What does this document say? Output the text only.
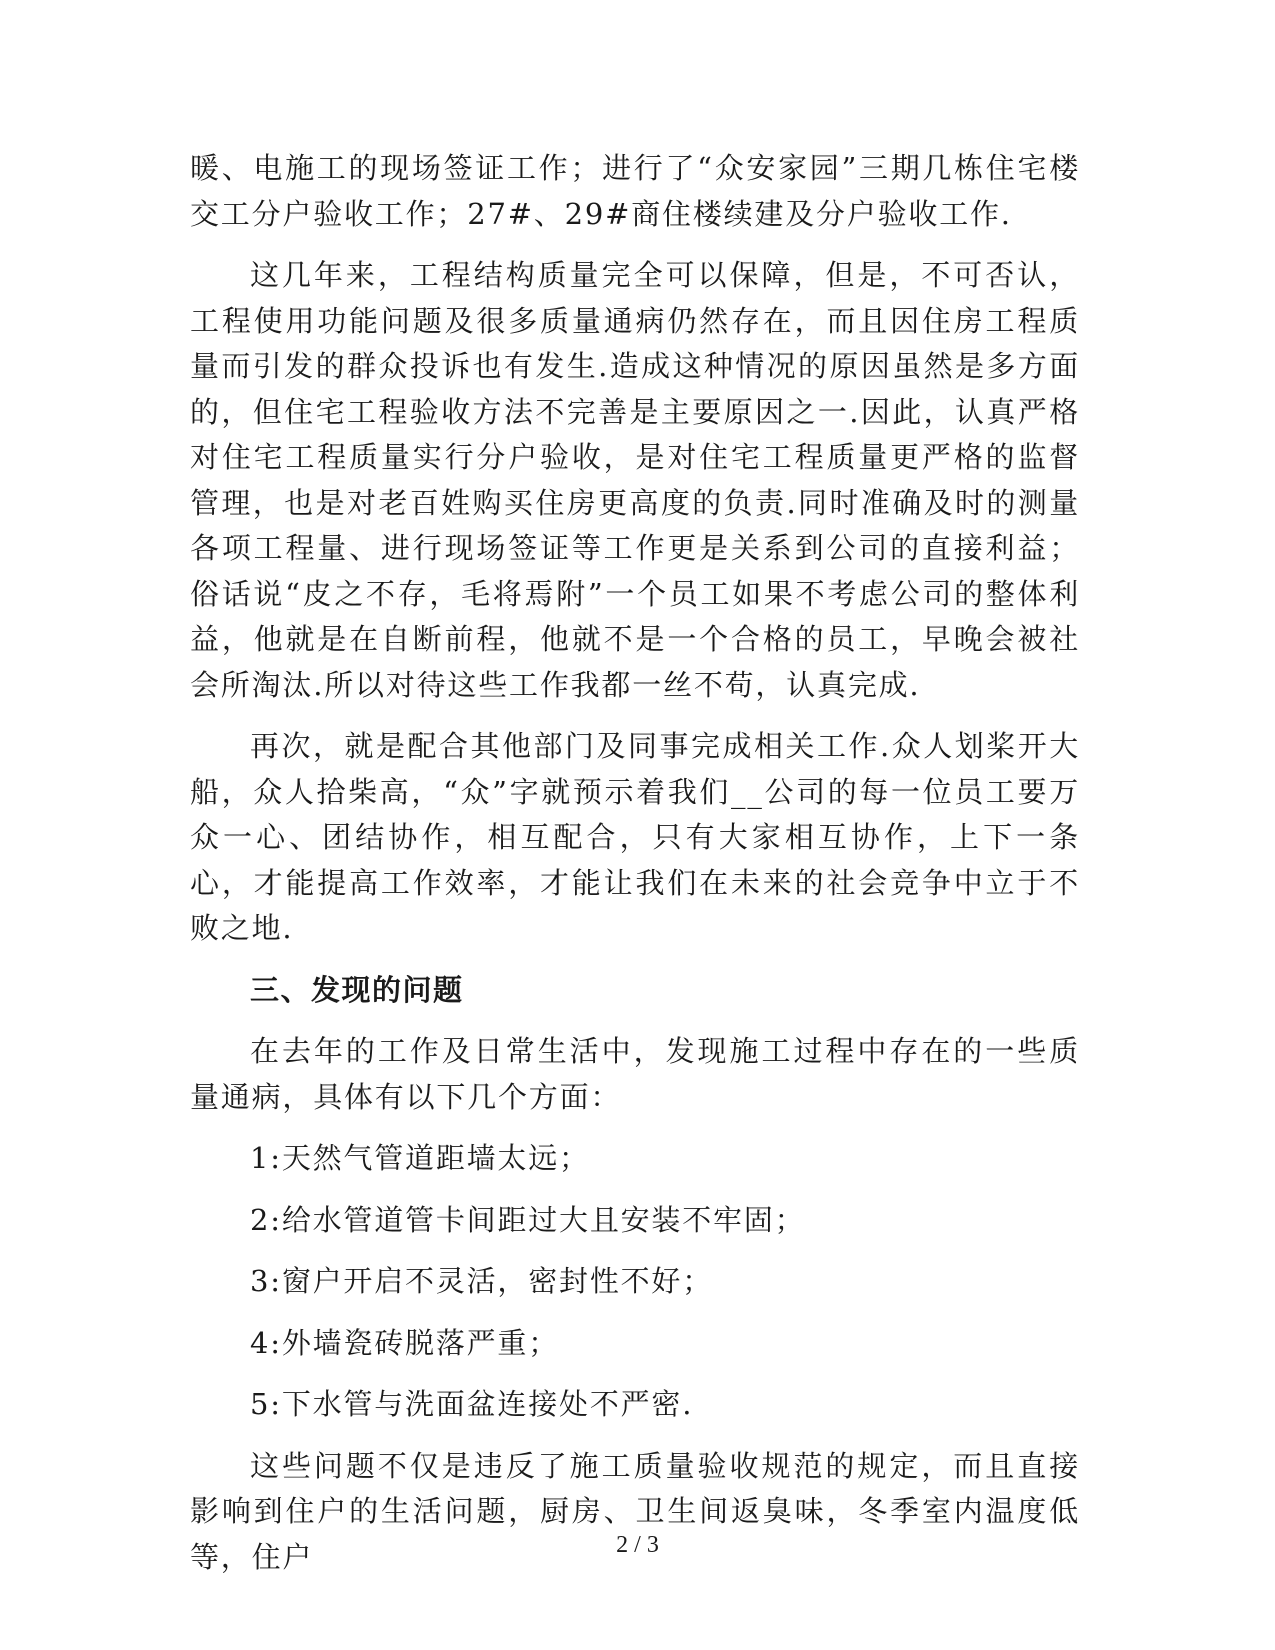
暖、电施工的现场签证工作；进行了“众安家园”三期几栋住宅楼交工分户验收工作；27#、29#商住楼续建及分户验收工作.

这几年来，工程结构质量完全可以保障，但是，不可否认，工程使用功能问题及很多质量通病仍然存在，而且因住房工程质量而引发的群众投诉也有发生.造成这种情况的原因虽然是多方面的，但住宅工程验收方法不完善是主要原因之一.因此，认真严格对住宅工程质量实行分户验收，是对住宅工程质量更严格的监督管理，也是对老百姓购买住房更高度的负责.同时准确及时的测量各项工程量、进行现场签证等工作更是关系到公司的直接利益；俗话说“皮之不存，毛将焉附”一个员工如果不考虑公司的整体利益，他就是在自断前程，他就不是一个合格的员工，早晚会被社会所淘汰.所以对待这些工作我都一丝不苟，认真完成.

再次，就是配合其他部门及同事完成相关工作.众人划桨开大船，众人拾柴高，“众”字就预示着我们__公司的每一位员工要万众一心、团结协作，相互配合，只有大家相互协作，上下一条心，才能提高工作效率，才能让我们在未来的社会竞争中立于不败之地.

三、发现的问题

在去年的工作及日常生活中，发现施工过程中存在的一些质量通病，具体有以下几个方面：

1:天然气管道距墙太远；

2:给水管道管卡间距过大且安装不牢固；

3:窗户开启不灵活，密封性不好；

4:外墙瓷砖脱落严重；

5:下水管与洗面盆连接处不严密.

这些问题不仅是违反了施工质量验收规范的规定，而且直接影响到住户的生活问题，厨房、卫生间返臭味，冬季室内温度低等，住户	2 / 3
